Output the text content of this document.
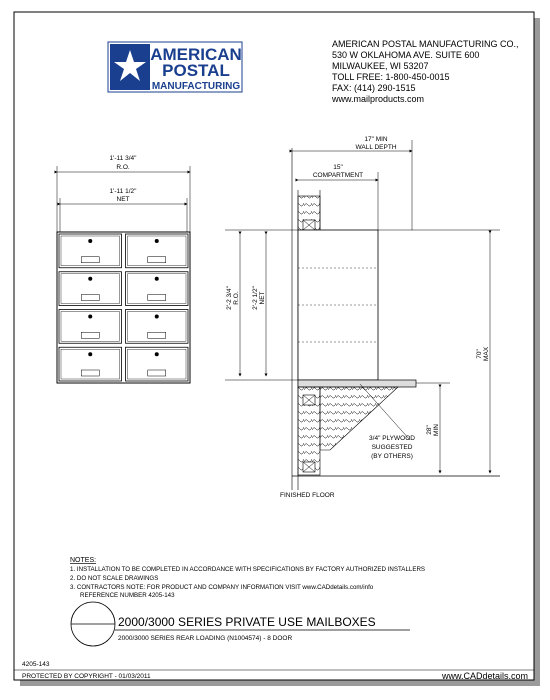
AMERICAN
POSTAL
MANUFACTURING
AMERICAN POSTAL MANUFACTURING CO.,
530 W OKLAHOMA AVE. SUITE 600
MILWAUKEE, WI 53207
TOLL FREE: 1-800-450-0015
FAX: (414) 290-1515
www.mailproducts.com
1'-11 3/4"
R.O.
1'-11 1/2"
NET
17" MIN
WALL DEPTH
15"
COMPARTMENT
2'-2 3/4" R.O. 2'-2 1/2" NET
70" MAX
28" MIN
3/4" PLYWOOD
SUGGESTED
(BY OTHERS)
FINISHED FLOOR
NOTES:
1. INSTALLATION TO BE COMPLETED IN ACCORDANCE WITH SPECIFICATIONS BY FACTORY AUTHORIZED INSTALLERS
2. DO NOT SCALE DRAWINGS
3. CONTRACTORS NOTE: FOR PRODUCT AND COMPANY INFORMATION VISIT www.CADdetails.com/info
REFERENCE NUMBER 4205-143
2000/3000 SERIES PRIVATE USE MAILBOXES
2000/3000 SERIES REAR LOADING (N1004574) - 8 DOOR
4205-143
PROTECTED BY COPYRIGHT - 01/03/2011	www.CADdetails.com
